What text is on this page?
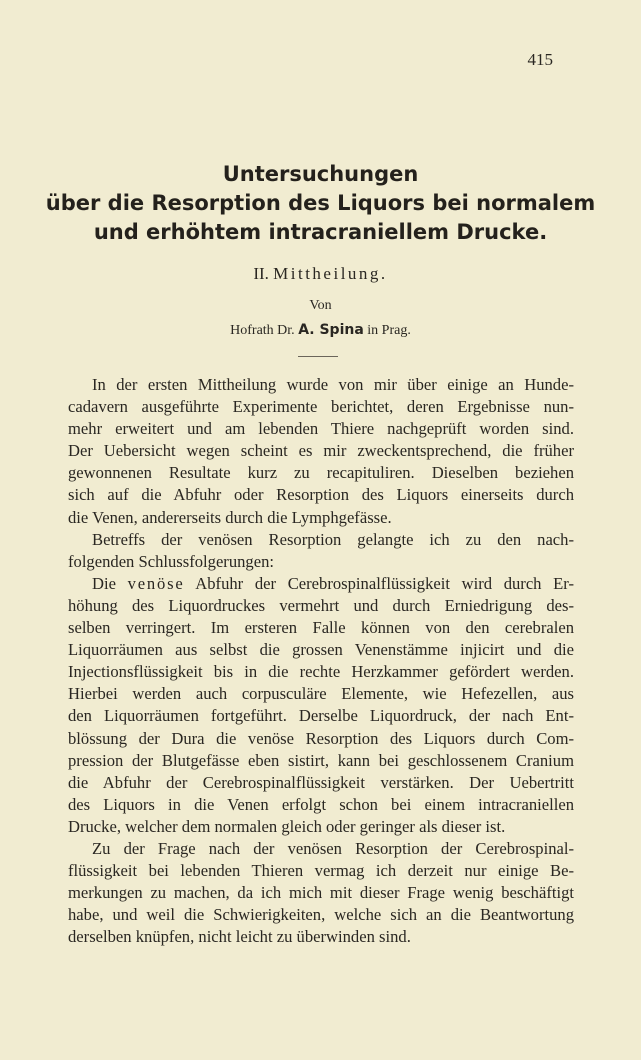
415
Untersuchungen
über die Resorption des Liquors bei normalem
und erhöhtem intracraniellem Drucke.
II. Mittheilung.
Von
Hofrath Dr. A. Spina in Prag.

In der ersten Mittheilung wurde von mir über einige an Hunde-
cadavern ausgeführte Experimente berichtet, deren Ergebnisse nun-
mehr erweitert und am lebenden Thiere nachgeprüft worden sind.
Der Uebersicht wegen scheint es mir zweckentsprechend, die früher
gewonnenen Resultate kurz zu recapituliren. Dieselben beziehen
sich auf die Abfuhr oder Resorption des Liquors einerseits durch
die Venen, andererseits durch die Lymphgefässe.

Betreffs der venösen Resorption gelangte ich zu den nach-
folgenden Schlussfolgerungen:

Die venöse Abfuhr der Cerebrospinalflüssigkeit wird durch Er-
höhung des Liquordruckes vermehrt und durch Erniedrigung des-
selben verringert. Im ersteren Falle können von den cerebralen
Liquorräumen aus selbst die grossen Venenstämme injicirt und die
Injectionsflüssigkeit bis in die rechte Herzkammer gefördert werden.
Hierbei werden auch corpusculäre Elemente, wie Hefezellen, aus
den Liquorräumen fortgeführt. Derselbe Liquordruck, der nach Ent-
blössung der Dura die venöse Resorption des Liquors durch Com-
pression der Blutgefässe eben sistirt, kann bei geschlossenem Cranium
die Abfuhr der Cerebrospinalflüssigkeit verstärken. Der Uebertritt
des Liquors in die Venen erfolgt schon bei einem intracraniellen
Drucke, welcher dem normalen gleich oder geringer als dieser ist.

Zu der Frage nach der venösen Resorption der Cerebrospinal-
flüssigkeit bei lebenden Thieren vermag ich derzeit nur einige Be-
merkungen zu machen, da ich mich mit dieser Frage wenig beschäftigt
habe, und weil die Schwierigkeiten, welche sich an die Beantwortung
derselben knüpfen, nicht leicht zu überwinden sind.
